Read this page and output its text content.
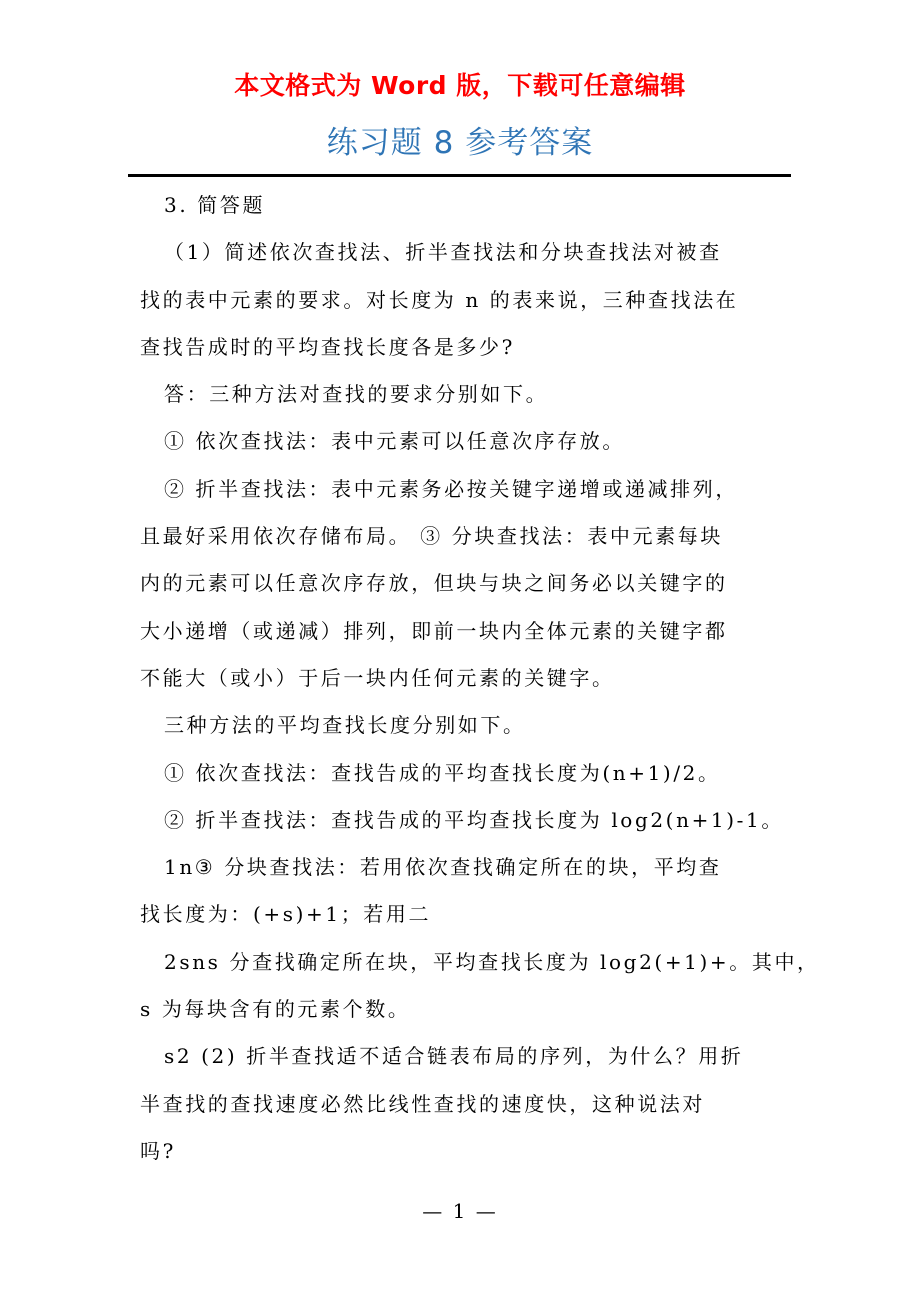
本文格式为 Word 版，下载可任意编辑
练习题 8 参考答案
3. 简答题
（1）简述依次查找法、折半查找法和分块查找法对被查
找的表中元素的要求。对长度为 n 的表来说，三种查找法在
查找告成时的平均查找长度各是多少?
答：三种方法对查找的要求分别如下。
① 依次查找法：表中元素可以任意次序存放。
② 折半查找法：表中元素务必按关键字递增或递减排列，
且最好采用依次存储布局。 ③ 分块查找法：表中元素每块
内的元素可以任意次序存放，但块与块之间务必以关键字的
大小递增（或递减）排列，即前一块内全体元素的关键字都
不能大（或小）于后一块内任何元素的关键字。
三种方法的平均查找长度分别如下。
① 依次查找法：查找告成的平均查找长度为(n+1)/2。
② 折半查找法：查找告成的平均查找长度为 log2(n+1)-1。
1n③ 分块查找法：若用依次查找确定所在的块，平均查
找长度为：(+s)+1；若用二
2sns 分查找确定所在块，平均查找长度为 log2(+1)+。其中，
s 为每块含有的元素个数。
s2 (2) 折半查找适不适合链表布局的序列，为什么？用折
半查找的查找速度必然比线性查找的速度快，这种说法对
吗?
— 1 —
